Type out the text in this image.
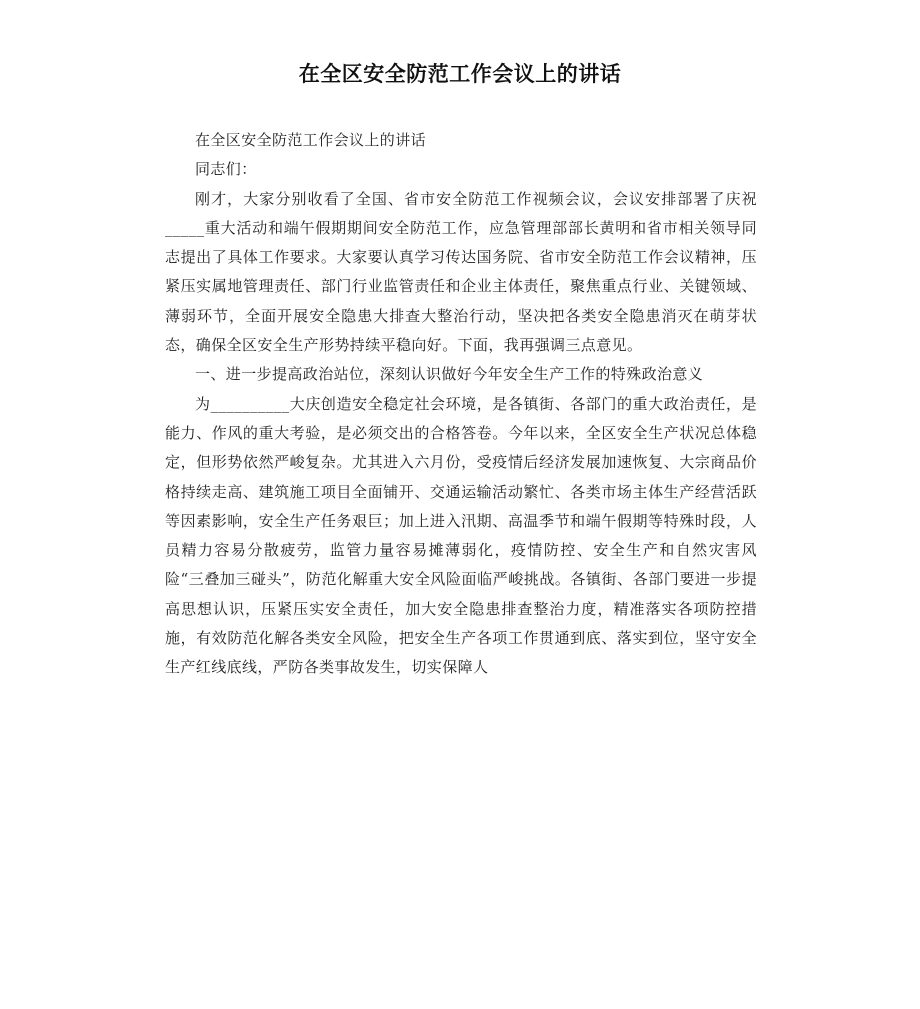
在全区安全防范工作会议上的讲话

在全区安全防范工作会议上的讲话

同志们：

刚才，大家分别收看了全国、省市安全防范工作视频会议，会议安排部署了庆祝_____重大活动和端午假期期间安全防范工作，应急管理部部长黄明和省市相关领导同志提出了具体工作要求。大家要认真学习传达国务院、省市安全防范工作会议精神，压紧压实属地管理责任、部门行业监管责任和企业主体责任，聚焦重点行业、关键领域、薄弱环节，全面开展安全隐患大排查大整治行动，坚决把各类安全隐患消灭在萌芽状态，确保全区安全生产形势持续平稳向好。下面，我再强调三点意见。

一、进一步提高政治站位，深刻认识做好今年安全生产工作的特殊政治意义

为__________大庆创造安全稳定社会环境，是各镇街、各部门的重大政治责任，是能力、作风的重大考验，是必须交出的合格答卷。今年以来，全区安全生产状况总体稳定，但形势依然严峻复杂。尤其进入六月份，受疫情后经济发展加速恢复、大宗商品价格持续走高、建筑施工项目全面铺开、交通运输活动繁忙、各类市场主体生产经营活跃等因素影响，安全生产任务艰巨；加上进入汛期、高温季节和端午假期等特殊时段，人员精力容易分散疲劳，监管力量容易摊薄弱化，疫情防控、安全生产和自然灾害风险“三叠加三碰头”，防范化解重大安全风险面临严峻挑战。各镇街、各部门要进一步提高思想认识，压紧压实安全责任，加大安全隐患排查整治力度，精准落实各项防控措施，有效防范化解各类安全风险，把安全生产各项工作贯通到底、落实到位，坚守安全生产红线底线，严防各类事故发生，切实保障人
